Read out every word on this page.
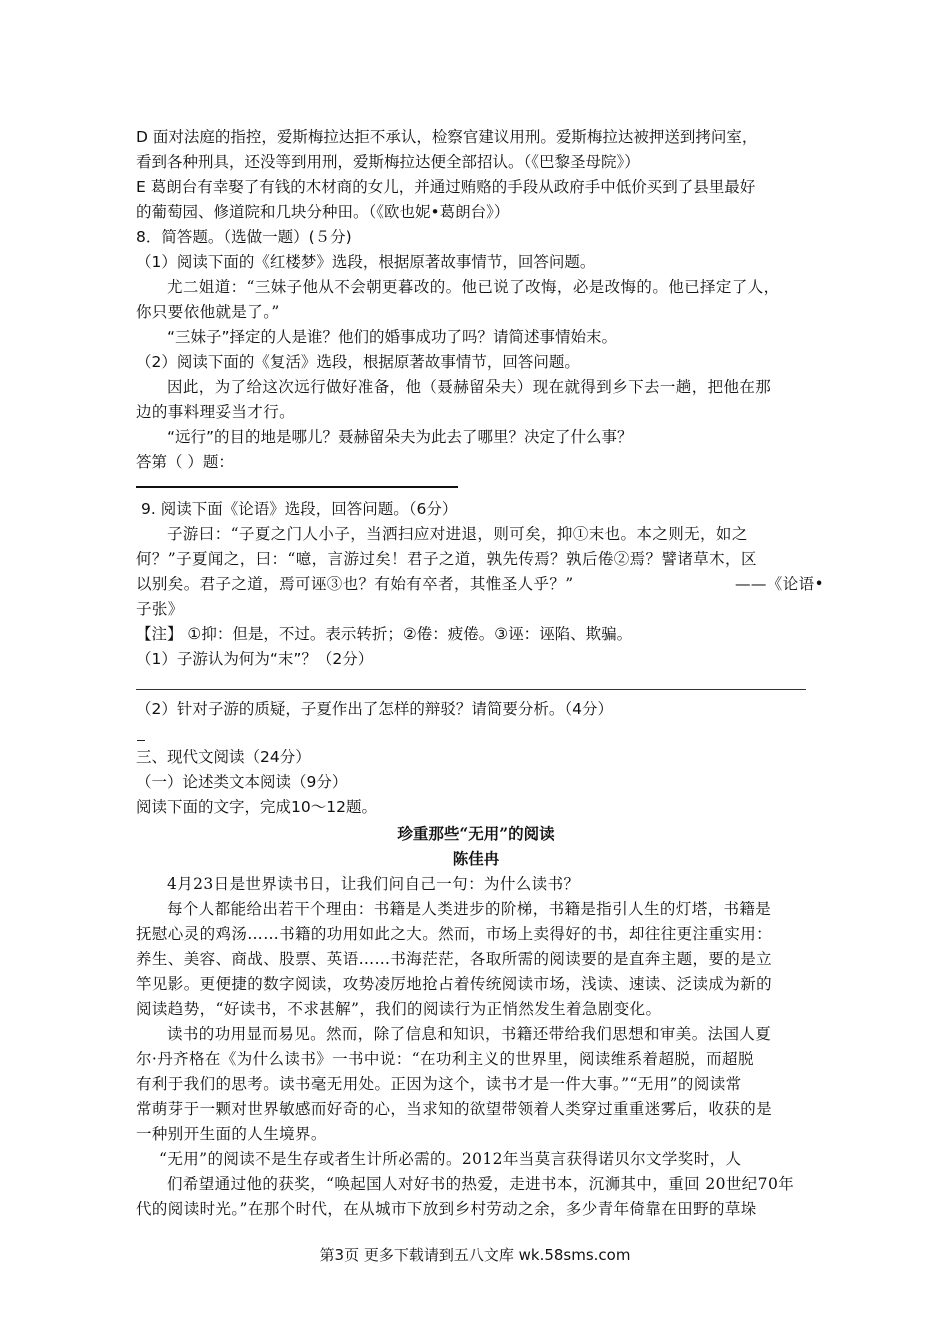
D 面对法庭的指控，爱斯梅拉达拒不承认，检察官建议用刑。爱斯梅拉达被押送到拷问室，
看到各种刑具，还没等到用刑，爱斯梅拉达便全部招认。（《巴黎圣母院》）
E 葛朗台有幸娶了有钱的木材商的女儿，并通过贿赂的手段从政府手中低价买到了县里最好
的葡萄园、修道院和几块分种田。（《欧也妮•葛朗台》）
8．简答题。（选做一题）(５分)
（1）阅读下面的《红楼梦》选段，根据原著故事情节，回答问题。
尤二姐道：“三妹子他从不会朝更暮改的。他已说了改悔，必是改悔的。他已择定了人，
你只要依他就是了。”
“三妹子”择定的人是谁？他们的婚事成功了吗？请简述事情始末。
（2）阅读下面的《复活》选段，根据原著故事情节，回答问题。
因此，为了给这次远行做好准备，他（聂赫留朵夫）现在就得到乡下去一趟，把他在那
边的事料理妥当才行。
“远行”的目的地是哪儿？聂赫留朵夫为此去了哪里？决定了什么事？
答第（ ）题：
9. 阅读下面《论语》选段，回答问题。（6分）
子游曰：“子夏之门人小子，当洒扫应对进退，则可矣，抑①末也。本之则无，如之
何？”子夏闻之，曰：“噫，言游过矣！君子之道，孰先传焉？孰后倦②焉？譬诸草木，区
以别矣。君子之道，焉可诬③也？有始有卒者，其惟圣人乎？”	——《论语•
子张》
【注】 ①抑：但是，不过。表示转折；②倦：疲倦。③诬：诬陷、欺骗。
（1）子游认为何为“末”？（2分）
（2）针对子游的质疑，子夏作出了怎样的辩驳？请简要分析。（4分）
三、现代文阅读（24分）
（一）论述类文本阅读（9分）
阅读下面的文字，完成10～12题。
珍重那些“无用”的阅读
陈佳冉
4月23日是世界读书日，让我们问自己一句：为什么读书？
每个人都能给出若干个理由：书籍是人类进步的阶梯，书籍是指引人生的灯塔，书籍是
抚慰心灵的鸡汤……书籍的功用如此之大。然而，市场上卖得好的书，却往往更注重实用：
养生、美容、商战、股票、英语……书海茫茫，各取所需的阅读要的是直奔主题，要的是立
竿见影。更便捷的数字阅读，攻势凌厉地抢占着传统阅读市场，浅读、速读、泛读成为新的
阅读趋势，“好读书，不求甚解”，我们的阅读行为正悄然发生着急剧变化。
读书的功用显而易见。然而，除了信息和知识，书籍还带给我们思想和审美。法国人夏
尔·丹齐格在《为什么读书》一书中说：“在功利主义的世界里，阅读维系着超脱，而超脱
有利于我们的思考。读书毫无用处。正因为这个，读书才是一件大事。”“无用”的阅读常
常萌芽于一颗对世界敏感而好奇的心，当求知的欲望带领着人类穿过重重迷雾后，收获的是
一种别开生面的人生境界。
“无用”的阅读不是生存或者生计所必需的。2012年当莫言获得诺贝尔文学奖时，人
们希望通过他的获奖，“唤起国人对好书的热爱，走进书本，沉浉其中，重回 20世纪70年
代的阅读时光。”在那个时代，在从城市下放到乡村劳动之余，多少青年倚靠在田野的草垛
第3页 更多下载请到五八文库 wk.58sms.com
